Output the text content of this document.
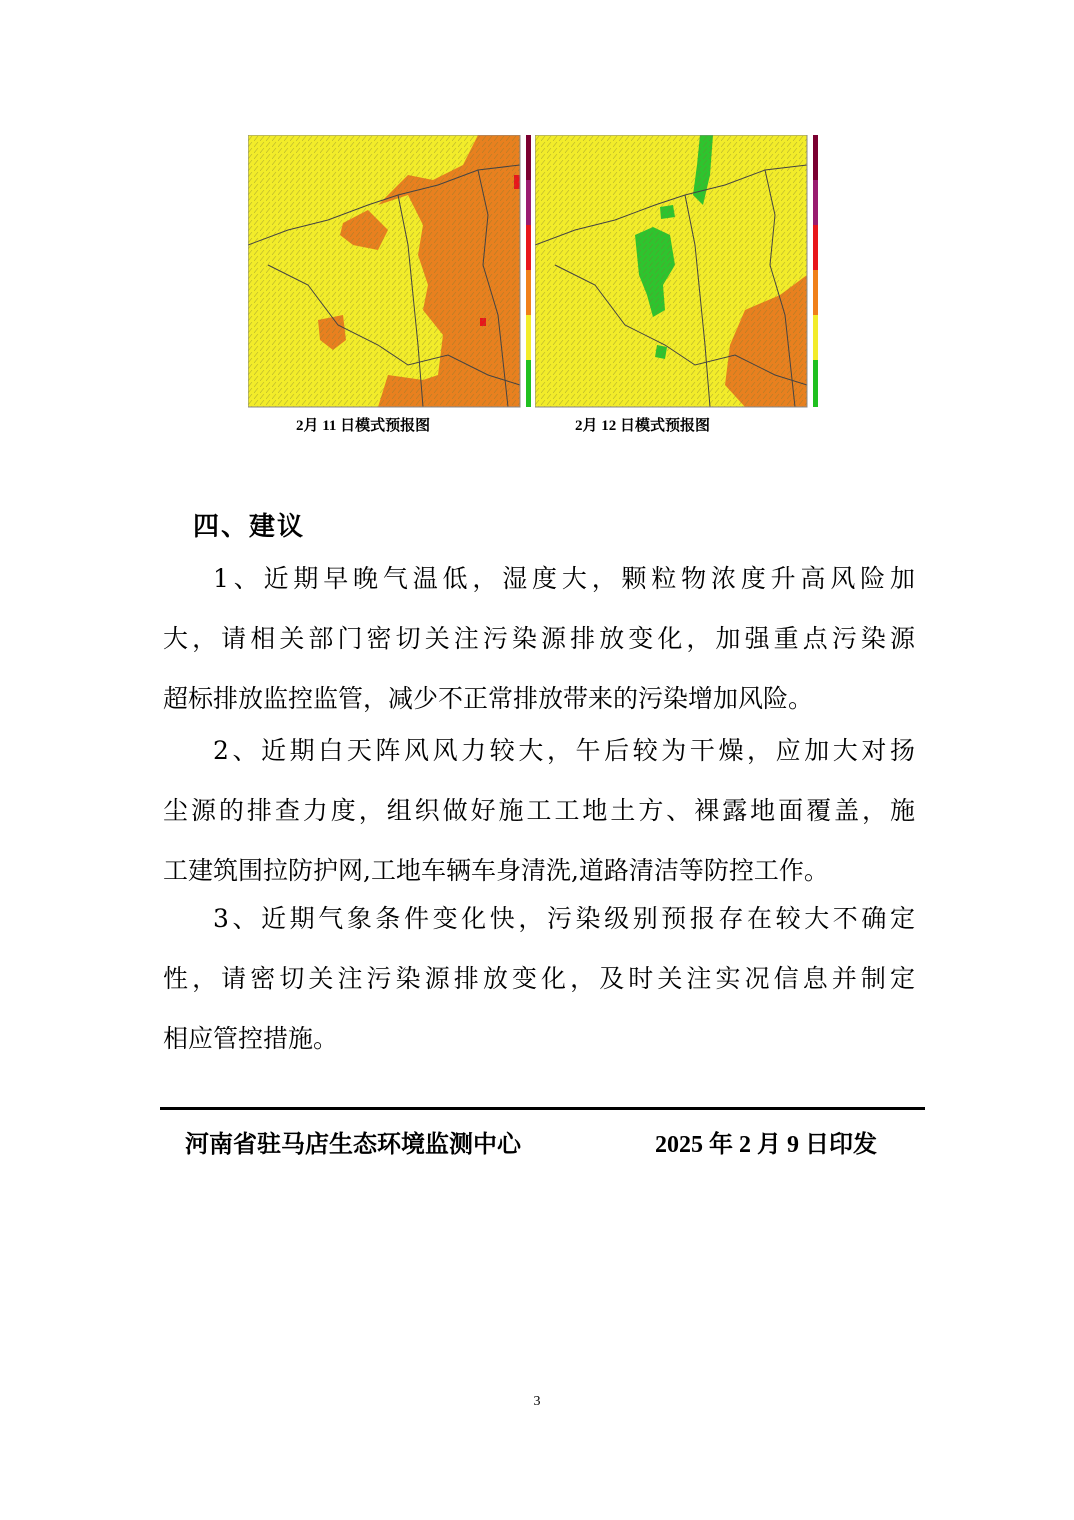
2月 11 日模式预报图	2月 12 日模式预报图
四、建议
1、近期早晚气温低，湿度大，颗粒物浓度升高风险加
大，请相关部门密切关注污染源排放变化，加强重点污染源
超标排放监控监管，减少不正常排放带来的污染增加风险。
2、近期白天阵风风力较大，午后较为干燥，应加大对扬
尘源的排查力度，组织做好施工工地土方、裸露地面覆盖，施
工建筑围拉防护网,工地车辆车身清洗,道路清洁等防控工作。
3、近期气象条件变化快，污染级别预报存在较大不确定
性，请密切关注污染源排放变化，及时关注实况信息并制定
相应管控措施。
河南省驻马店生态环境监测中心	2025 年 2 月 9 日印发
3
